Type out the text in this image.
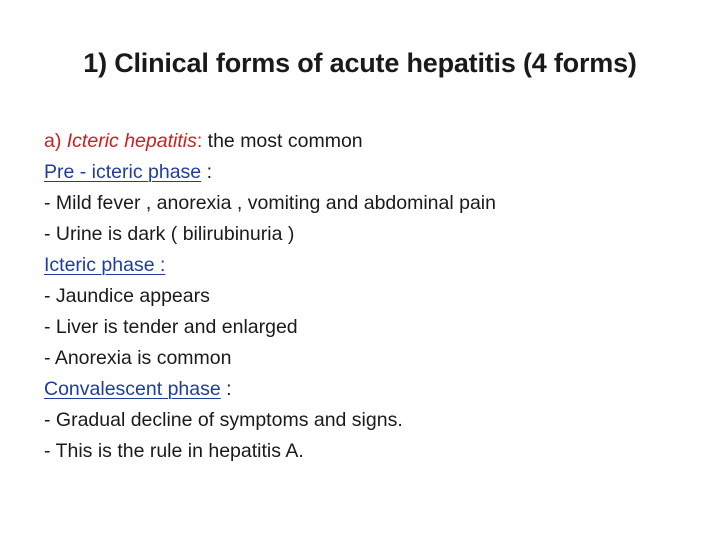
1) Clinical forms of acute hepatitis (4 forms)
a) Icteric hepatitis: the most common
Pre - icteric phase :
- Mild fever , anorexia , vomiting and abdominal pain
- Urine is dark ( bilirubinuria )
Icteric phase :
- Jaundice appears
- Liver is tender and enlarged
- Anorexia is common
Convalescent phase :
- Gradual decline of symptoms and signs.
- This is the rule in hepatitis A.
